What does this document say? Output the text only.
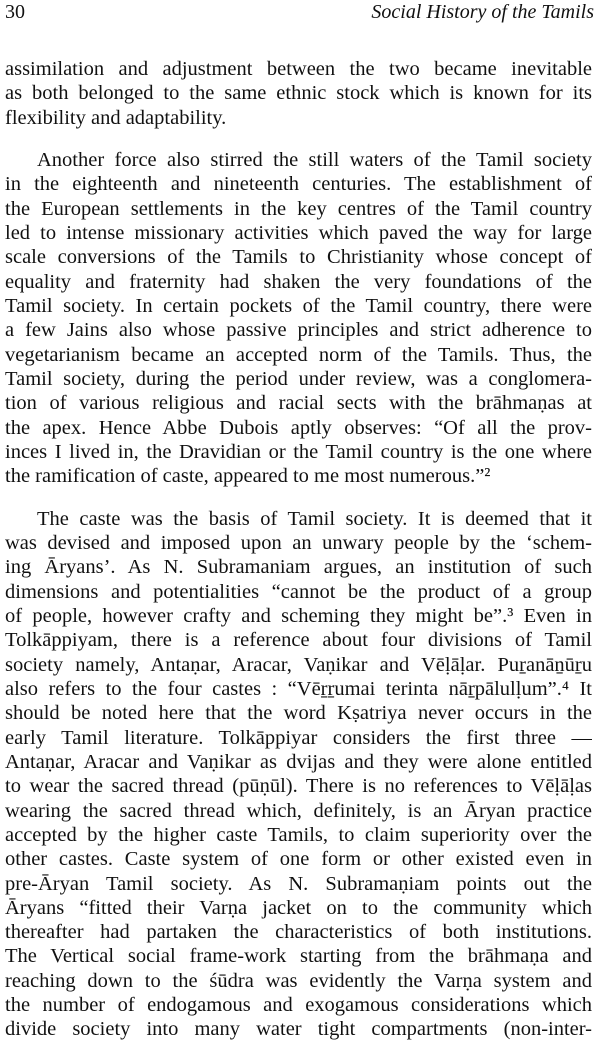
30	Social History of the Tamils
assimilation and adjustment between the two became inevitable
as both belonged to the same ethnic stock which is known for its
flexibility and adaptability.
Another force also stirred the still waters of the Tamil society
in the eighteenth and nineteenth centuries. The establishment of
the European settlements in the key centres of the Tamil country
led to intense missionary activities which paved the way for large
scale conversions of the Tamils to Christianity whose concept of
equality and fraternity had shaken the very foundations of the
Tamil society. In certain pockets of the Tamil country, there were
a few Jains also whose passive principles and strict adherence to
vegetarianism became an accepted norm of the Tamils. Thus, the
Tamil society, during the period under review, was a conglomera-
tion of various religious and racial sects with the brāhmaṇas at
the apex. Hence Abbe Dubois aptly observes: “Of all the prov-
inces I lived in, the Dravidian or the Tamil country is the one where
the ramification of caste, appeared to me most numerous.”²
The caste was the basis of Tamil society. It is deemed that it
was devised and imposed upon an unwary people by the ‘schem-
ing Āryans’. As N. Subramaniam argues, an institution of such
dimensions and potentialities “cannot be the product of a group
of people, however crafty and scheming they might be”.³ Even in
Tolkāppiyam, there is a reference about four divisions of Tamil
society namely, Antaṇar, Aracar, Vaṇikar and Vēḷāḷar. Puṟanāṉūṟu
also refers to the four castes : “Vēṟṟumai terinta nāṟpālulḷum”.⁴ It
should be noted here that the word Kṣatriya never occurs in the
early Tamil literature. Tolkāppiyar considers the first three —
Antaṇar, Aracar and Vaṇikar as dvijas and they were alone entitled
to wear the sacred thread (pūṇūl). There is no references to Vēḷāḷas
wearing the sacred thread which, definitely, is an Āryan practice
accepted by the higher caste Tamils, to claim superiority over the
other castes. Caste system of one form or other existed even in
pre-Āryan Tamil society. As N. Subramaṇiam points out the
Āryans “fitted their Varṇa jacket on to the community which
thereafter had partaken the characteristics of both institutions.
The Vertical social frame-work starting from the brāhmaṇa and
reaching down to the śūdra was evidently the Varṇa system and
the number of endogamous and exogamous considerations which
divide society into many water tight compartments (non-inter-
